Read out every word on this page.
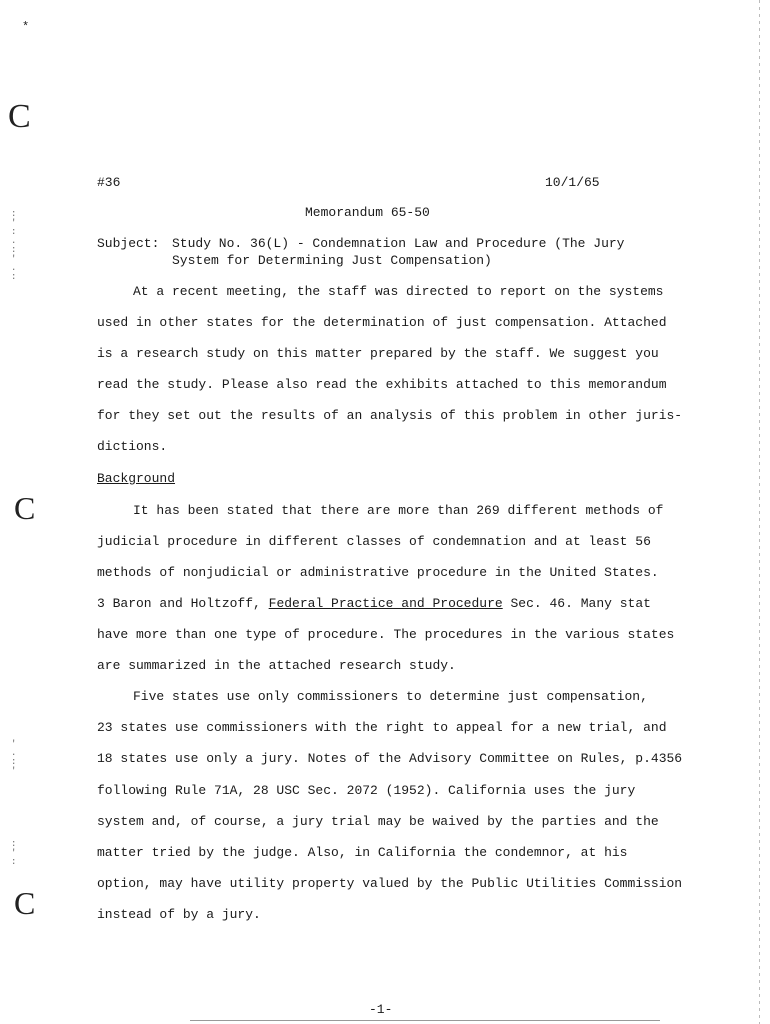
C
C
C
*
:
'
:
.
:
'
.
:
'
.
:
'
:
'
:
#36	10/1/65
Memorandum 65-50
Subject: Study No. 36(L) - Condemnation Law and Procedure (The Jury
System for Determining Just Compensation)
At a recent meeting, the staff was directed to report on the systems
used in other states for the determination of just compensation. Attached
is a research study on this matter prepared by the staff. We suggest you
read the study. Please also read the exhibits attached to this memorandum
for they set out the results of an analysis of this problem in other juris-
dictions.
Background
It has been stated that there are more than 269 different methods of
judicial procedure in different classes of condemnation and at least 56
methods of nonjudicial or administrative procedure in the United States.
3 Baron and Holtzoff, Federal Practice and Procedure Sec. 46. Many stat
have more than one type of procedure. The procedures in the various states
are summarized in the attached research study.
Five states use only commissioners to determine just compensation,
23 states use commissioners with the right to appeal for a new trial, and
18 states use only a jury. Notes of the Advisory Committee on Rules, p.4356
following Rule 71A, 28 USC Sec. 2072 (1952). California uses the jury
system and, of course, a jury trial may be waived by the parties and the
matter tried by the judge. Also, in California the condemnor, at his
option, may have utility property valued by the Public Utilities Commission
instead of by a jury.
-1-
